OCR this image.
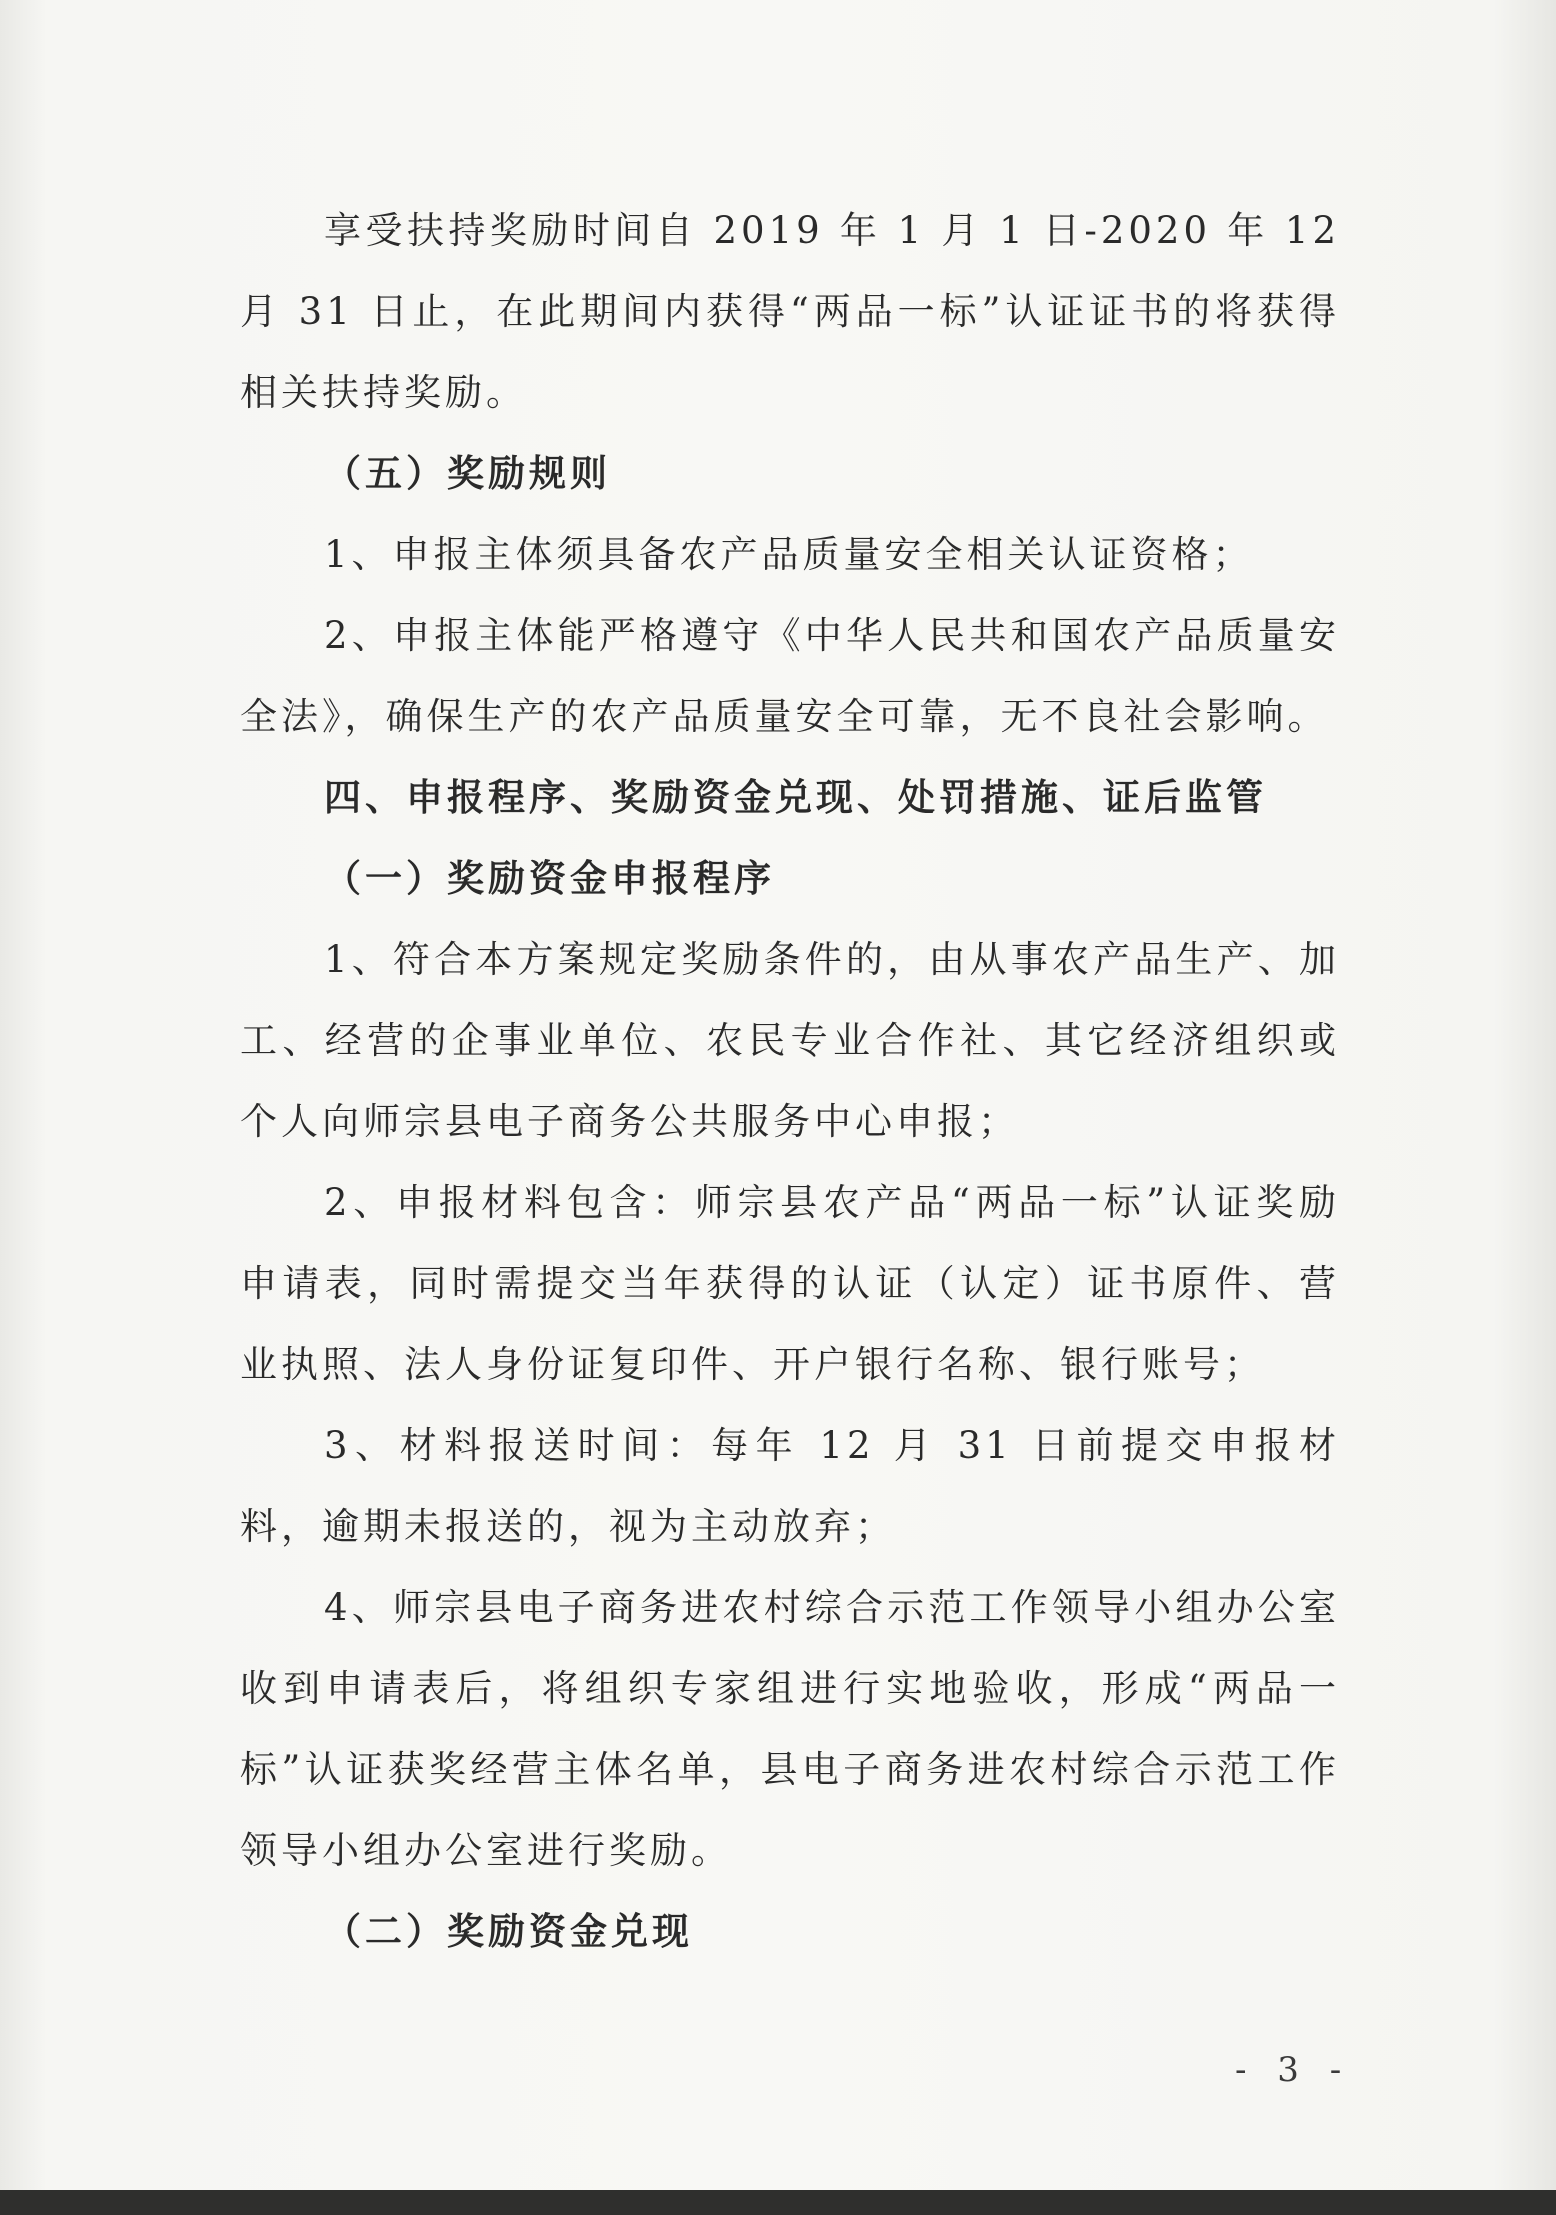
享受扶持奖励时间自 2019 年 1 月 1 日-2020 年 12 月 31 日止，在此期间内获得“两品一标”认证证书的将获得相关扶持奖励。

（五）奖励规则

1、申报主体须具备农产品质量安全相关认证资格；

2、申报主体能严格遵守《中华人民共和国农产品质量安全法》，确保生产的农产品质量安全可靠，无不良社会影响。

四、申报程序、奖励资金兑现、处罚措施、证后监管

（一）奖励资金申报程序

1、符合本方案规定奖励条件的，由从事农产品生产、加工、经营的企事业单位、农民专业合作社、其它经济组织或个人向师宗县电子商务公共服务中心申报；

2、申报材料包含：师宗县农产品“两品一标”认证奖励申请表，同时需提交当年获得的认证（认定）证书原件、营业执照、法人身份证复印件、开户银行名称、银行账号；

3、材料报送时间：每年 12 月 31 日前提交申报材料，逾期未报送的，视为主动放弃；

4、师宗县电子商务进农村综合示范工作领导小组办公室收到申请表后，将组织专家组进行实地验收，形成“两品一标”认证获奖经营主体名单，县电子商务进农村综合示范工作领导小组办公室进行奖励。

（二）奖励资金兑现

- 3 -
